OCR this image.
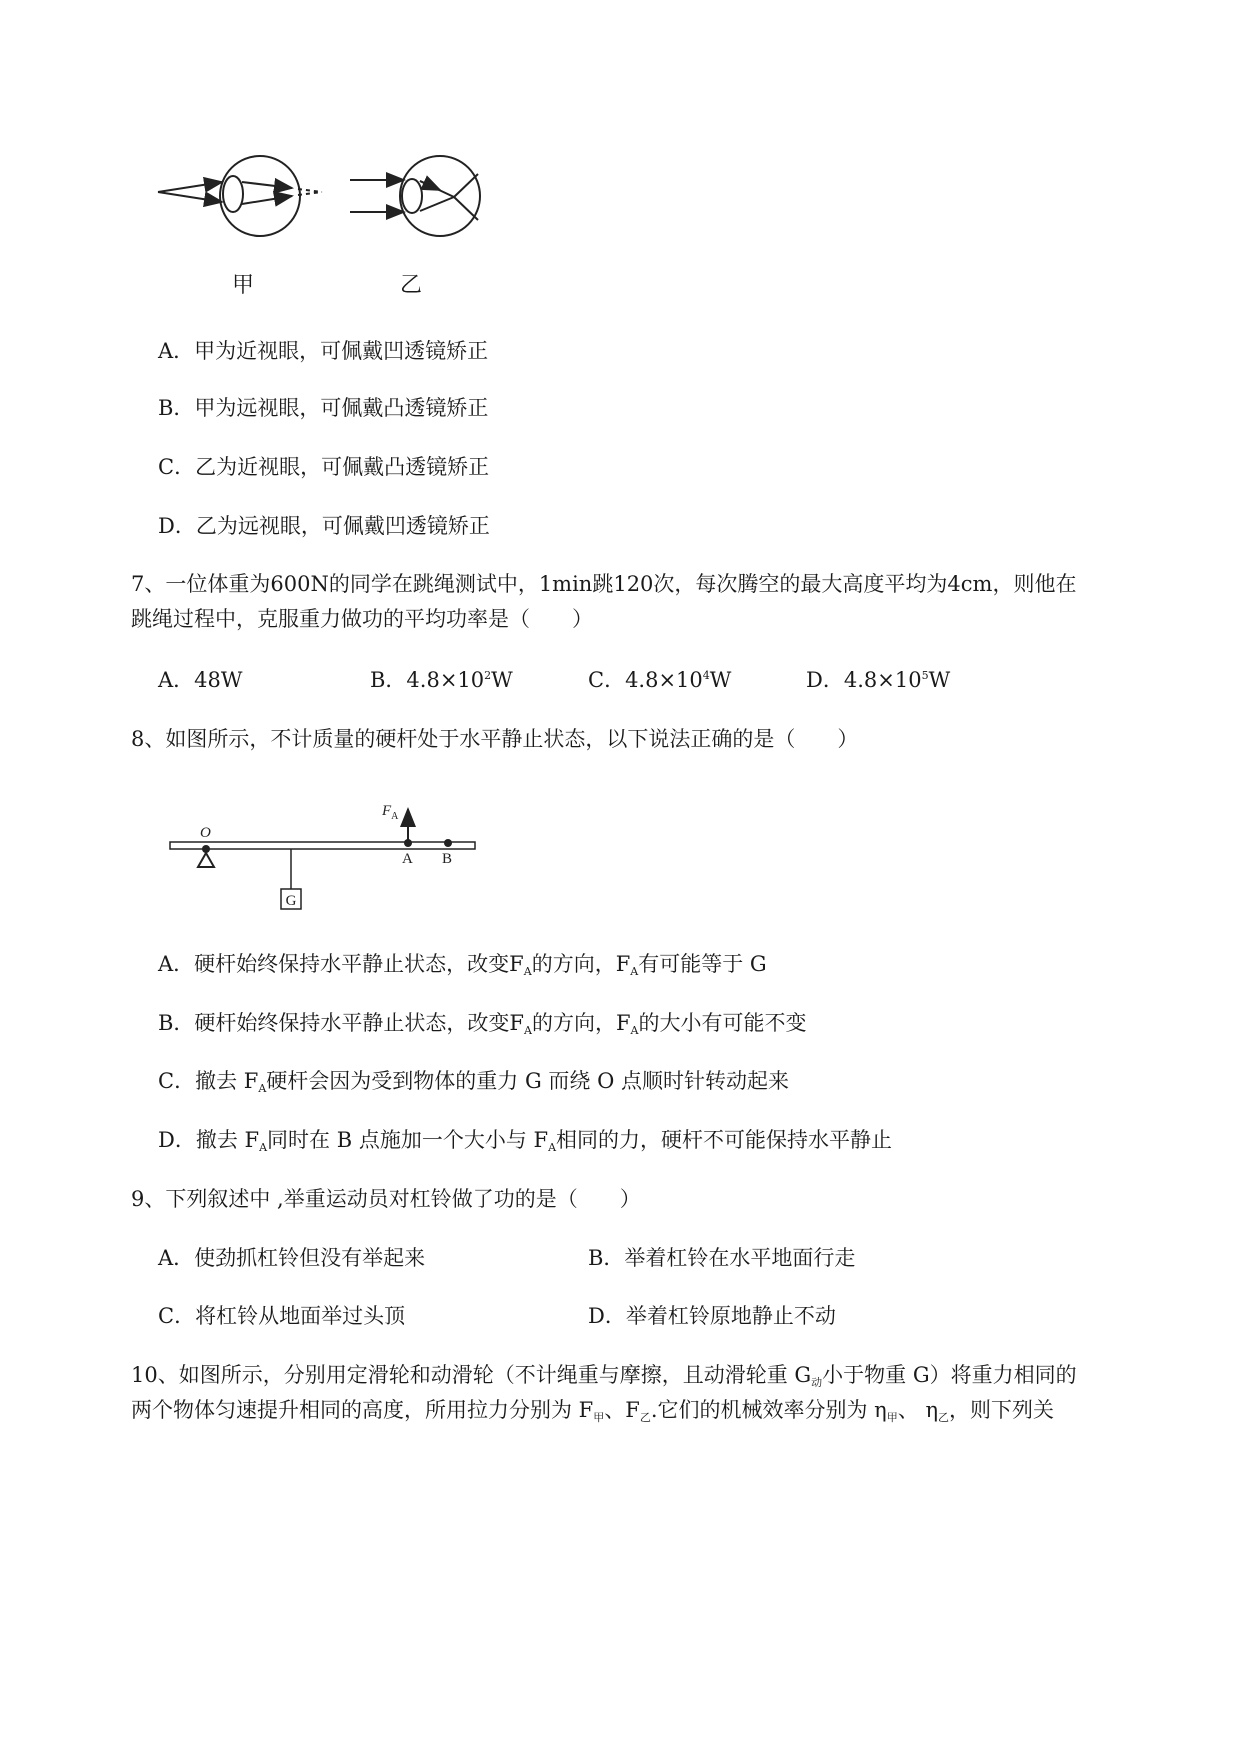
甲	乙
A．甲为近视眼，可佩戴凹透镜矫正
B．甲为远视眼，可佩戴凸透镜矫正
C．乙为近视眼，可佩戴凸透镜矫正
D．乙为远视眼，可佩戴凹透镜矫正
7、一位体重为600N的同学在跳绳测试中，1min跳120次，每次腾空的最大高度平均为4cm，则他在
跳绳过程中，克服重力做功的平均功率是（　　）
A．48W	B．$4.8\times 10^2W$	C．$4.8\times 10^4W$	D．$4.8\times 10^5W$
8、如图所示，不计质量的硬杆处于水平静止状态，以下说法正确的是（　　）
G
O
$F_A$
A B
A．硬杆始终保持水平静止状态，改变$F_A$的方向，$F_A$有可能等于 G
B．硬杆始终保持水平静止状态，改变$F_A$的方向，$F_A$的大小有可能不变
C．撤去 $F_A$硬杆会因为受到物体的重力 G 而绕 O 点顺时针转动起来
D．撤去 $F_A$同时在 B 点施加一个大小与 $F_A$相同的力，硬杆不可能保持水平静止
9、下列叙述中 ,举重运动员对杠铃做了功的是（　　）
A．使劲抓杠铃但没有举起来	B．举着杠铃在水平地面行走
C．将杠铃从地面举过头顶	D．举着杠铃原地静止不动
10、如图所示，分别用定滑轮和动滑轮（不计绳重与摩擦，且动滑轮重 $G_动$小于物重 G）将重力相同的
两个物体匀速提升相同的高度，所用拉力分别为 $F_甲$、$F_乙$.它们的机械效率分别为 $\eta_甲$、 $\eta_乙$，则下列关
